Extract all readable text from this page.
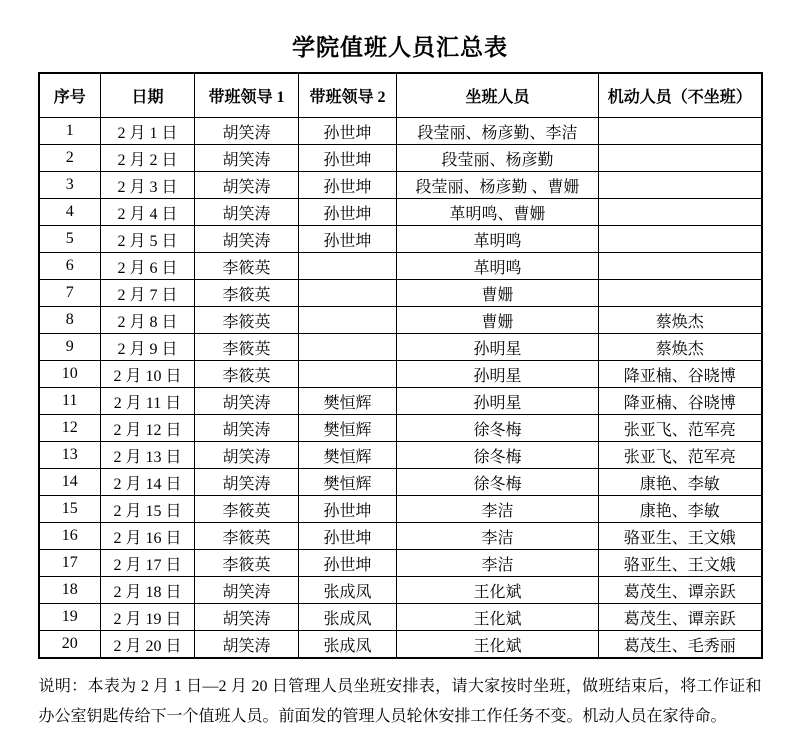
学院值班人员汇总表
序号	日期	带班领导 1	带班领导 2	坐班人员	机动人员（不坐班）
1	2 月 1 日	胡笑涛	孙世坤	段莹丽、杨彦勤、李洁	
2	2 月 2 日	胡笑涛	孙世坤	段莹丽、杨彦勤	
3	2 月 3 日	胡笑涛	孙世坤	段莹丽、杨彦勤 、曹姗	
4	2 月 4 日	胡笑涛	孙世坤	革明鸣、曹姗	
5	2 月 5 日	胡笑涛	孙世坤	革明鸣	
6	2 月 6 日	李筱英		革明鸣	
7	2 月 7 日	李筱英		曹姗	
8	2 月 8 日	李筱英		曹姗	蔡焕杰
9	2 月 9 日	李筱英		孙明星	蔡焕杰
10	2 月 10 日	李筱英		孙明星	降亚楠、谷晓博
11	2 月 11 日	胡笑涛	樊恒辉	孙明星	降亚楠、谷晓博
12	2 月 12 日	胡笑涛	樊恒辉	徐冬梅	张亚飞、范军亮
13	2 月 13 日	胡笑涛	樊恒辉	徐冬梅	张亚飞、范军亮
14	2 月 14 日	胡笑涛	樊恒辉	徐冬梅	康艳、李敏
15	2 月 15 日	李筱英	孙世坤	李洁	康艳、李敏
16	2 月 16 日	李筱英	孙世坤	李洁	骆亚生、王文娥
17	2 月 17 日	李筱英	孙世坤	李洁	骆亚生、王文娥
18	2 月 18 日	胡笑涛	张成凤	王化斌	葛茂生、谭亲跃
19	2 月 19 日	胡笑涛	张成凤	王化斌	葛茂生、谭亲跃
20	2 月 20 日	胡笑涛	张成凤	王化斌	葛茂生、毛秀丽

说明：本表为 2 月 1 日—2 月 20 日管理人员坐班安排表，请大家按时坐班，做班结束后，将工作证和办公室钥匙传给下一个值班人员。前面发的管理人员轮休安排工作任务不变。机动人员在家待命。
